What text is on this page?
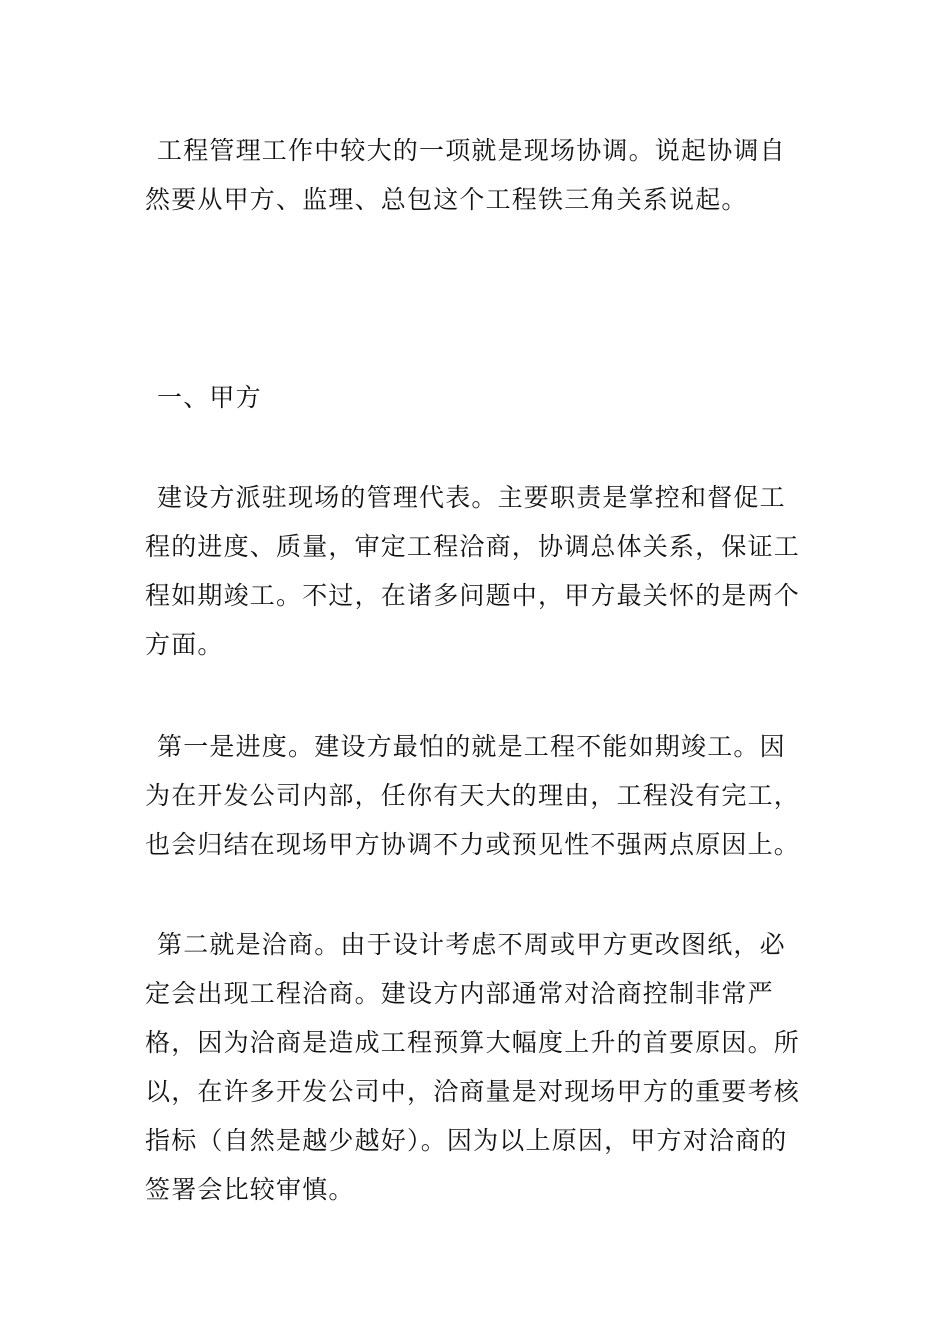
工程管理工作中较大的一项就是现场协调。说起协调自然要从甲方、监理、总包这个工程铁三角关系说起。

一、甲方

建设方派驻现场的管理代表。主要职责是掌控和督促工程的进度、质量，审定工程洽商，协调总体关系，保证工程如期竣工。不过，在诸多问题中，甲方最关怀的是两个方面。

第一是进度。建设方最怕的就是工程不能如期竣工。因为在开发公司内部，任你有天大的理由，工程没有完工，也会归结在现场甲方协调不力或预见性不强两点原因上。

第二就是洽商。由于设计考虑不周或甲方更改图纸，必定会出现工程洽商。建设方内部通常对洽商控制非常严格，因为洽商是造成工程预算大幅度上升的首要原因。所以，在许多开发公司中，洽商量是对现场甲方的重要考核指标（自然是越少越好）。因为以上原因，甲方对洽商的签署会比较审慎。
